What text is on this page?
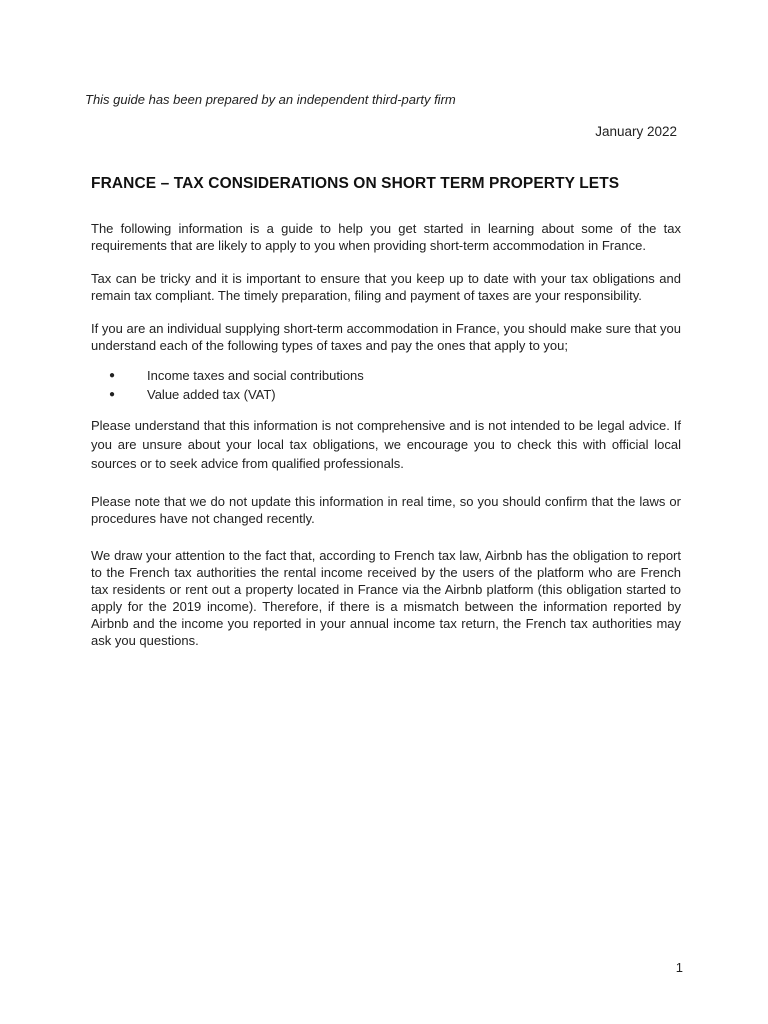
This guide has been prepared by an independent third-party firm
January 2022
FRANCE – TAX CONSIDERATIONS ON SHORT TERM PROPERTY LETS

The following information is a guide to help you get started in learning about some of the tax requirements that are likely to apply to you when providing short-term accommodation in France.

Tax can be tricky and it is important to ensure that you keep up to date with your tax obligations and remain tax compliant. The timely preparation, filing and payment of taxes are your responsibility.

If you are an individual supplying short-term accommodation in France, you should make sure that you understand each of the following types of taxes and pay the ones that apply to you;

● Income taxes and social contributions
● Value added tax (VAT)

Please understand that this information is not comprehensive and is not intended to be legal advice. If you are unsure about your local tax obligations, we encourage you to check this with official local sources or to seek advice from qualified professionals.

Please note that we do not update this information in real time, so you should confirm that the laws or procedures have not changed recently.

We draw your attention to the fact that, according to French tax law, Airbnb has the obligation to report to the French tax authorities the rental income received by the users of the platform who are French tax residents or rent out a property located in France via the Airbnb platform (this obligation started to apply for the 2019 income). Therefore, if there is a mismatch between the information reported by Airbnb and the income you reported in your annual income tax return, the French tax authorities may ask you questions.

1
